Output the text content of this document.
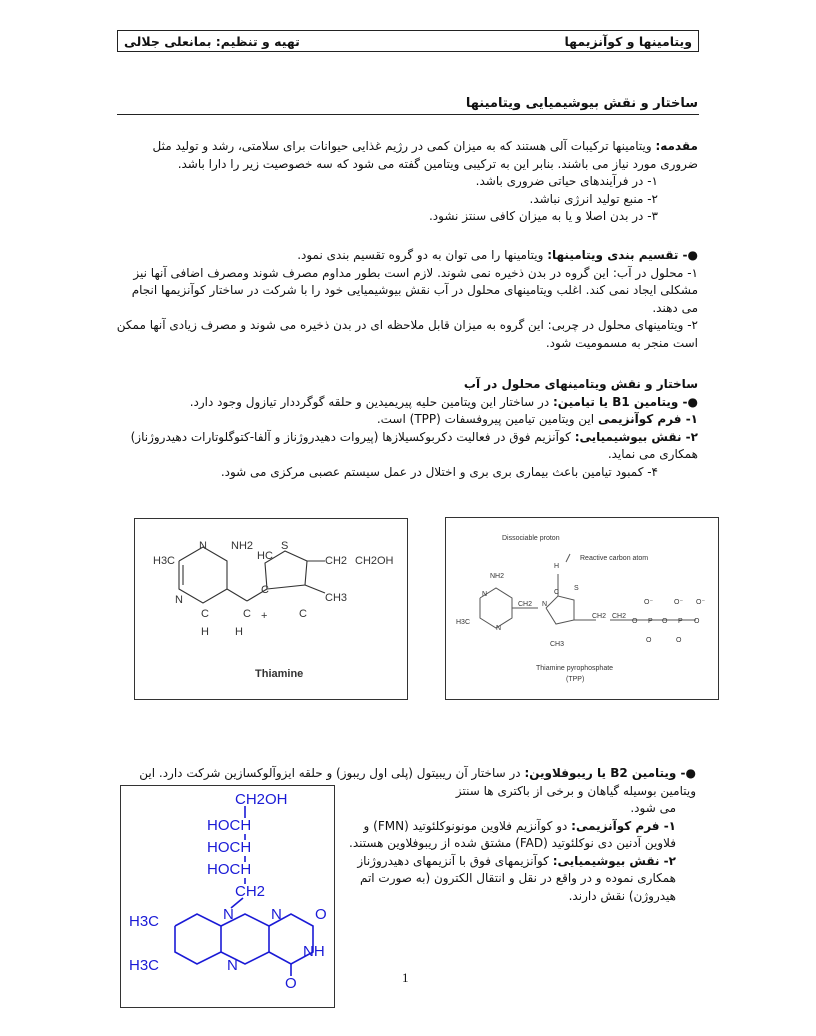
ویتامینها و کوآنزیمها
تهیه و تنظیم: بمانعلی جلالی
ساختار و نقش بیوشیمیایی ویتامینها

مقدمه: ویتامینها ترکیبات آلی هستند که به میزان کمی در رژیم غذایی حیوانات برای سلامتی، رشد و تولید مثل ضروری مورد نیاز می باشند. بنابر این به ترکیبی ویتامین گفته می شود که سه خصوصیت زیر را دارا باشد.

۱- در فرآیندهای حیاتی ضروری باشد.

۲- منبع تولید انرژی نباشد.

۳- در بدن اصلا و یا به میزان کافی سنتز نشود.

●- تقسیم بندی ویتامینها: ویتامینها را می توان به دو گروه تقسیم بندی نمود.

۱- محلول در آب: این گروه در بدن ذخیره نمی شوند. لازم است بطور مداوم مصرف شوند ومصرف اضافی آنها نیز مشکلی ایجاد نمی کند. اغلب ویتامینهای محلول در آب نقش بیوشیمیایی خود را با شرکت در ساختار کوآنزیمها انجام می دهند.

۲- ویتامینهای محلول در چربی: این گروه به میزان قابل ملاحظه ای در بدن ذخیره می شوند و مصرف زیادی آنها ممکن است منجر به مسمومیت شود.

ساختار و نقش ویتامینهای محلول در آب

●- ویتامین B1 یا تیامین: در ساختار این ویتامین حلیه پیریمیدین و حلقه گوگرددار تیازول وجود دارد.

۱- فرم کوآنزیمی این ویتامین تیامین پیروفسفات (TPP) است.

۲- نقش بیوشیمیایی: کوآنزیم فوق در فعالیت دکربوکسیلازها (پیروات دهیدروژناز و آلفا-کتوگلوتارات دهیدروژناز) همکاری می نماید.

۴- کمبود تیامین باعث بیماری بری بری و اختلال در عمل سیستم عصبی مرکزی می شود.

H3C
NH2
HC
S
CH2 CH2OH
N
N
C
CH3
H H
+
C	C	C
Thiamine
NH2
H3C
N
N
CH2 N
C
S
CH3
CH2 CH2
O P O P O
H
O⁻	O⁻ O⁻
O	O
Dissociable proton
Reactive carbon atom
Thiamine pyrophosphate
(TPP)

●- ویتامین B2 یا ریبوفلاوین: در ساختار آن ریبیتول (پلی اول ریبوز) و حلقه ایزوآلوکسازین شرکت دارد. این ویتامین بوسیله گیاهان و برخی از باکتری ها سنتز

می شود.

۱- فرم کوآنزیمی: دو کوآنزیم فلاوین مونونوکلئوتید (FMN) و فلاوین آدنین دی نوکلئوتید (FAD) مشتق شده از ریبوفلاوین هستند.

۲- نقش بیوشیمیایی: کوآنزیمهای فوق با آنزیمهای دهیدروژناز همکاری نموده و در واقع در نقل و انتقال الکترون (به صورت اتم هیدروژن) نقش دارند.

CH2OH
HOCH
HOCH
HOCH
CH2
N N O
NH
O
N
H3C
H3C
1
